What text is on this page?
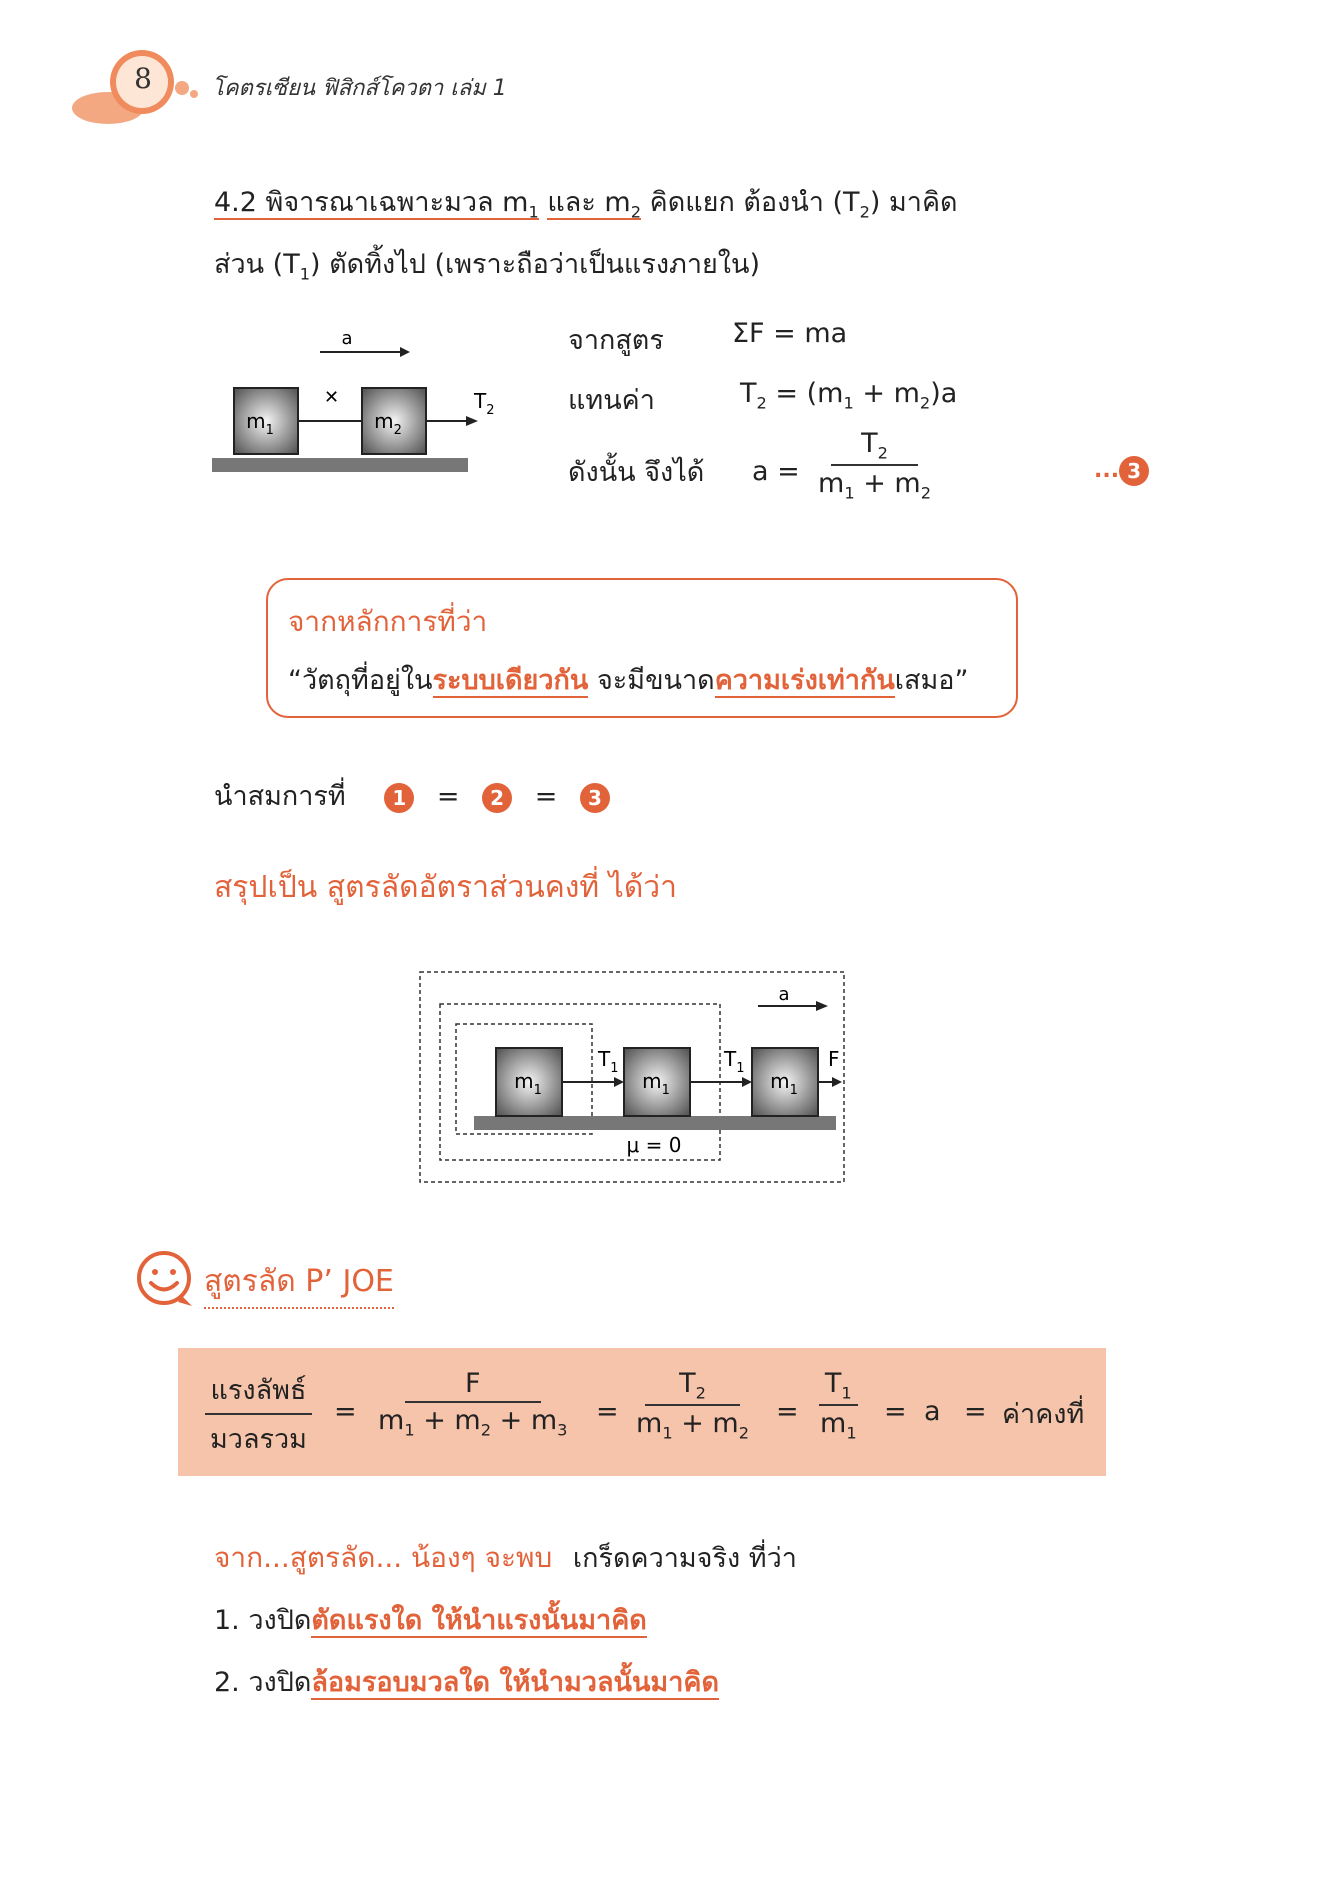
8	โคตรเซียน ฟิสิกส์โควตา เล่ม 1
4.2 พิจารณาเฉพาะมวล $m_1$ และ $m_2$ คิดแยก ต้องนำ $(T_2)$ มาคิด
ส่วน $(T_1)$ ตัดทิ้งไป (เพราะถือว่าเป็นแรงภายใน)
a
$m_1$
✕
$m_2$
$T_2$
จากสูตร	ΣF = ma
แทนค่า	$T_2 = (m_1 + m_2)a$
ดังนั้น จึงได้ $a = \frac{T_2}{m_1 + m_2}$	... 3
จากหลักการที่ว่า
“วัตถุที่อยู่ในระบบเดียวกัน จะมีขนาดความเร่งเท่ากันเสมอ”
นำสมการที่ 1 = 2 = 3
สรุปเป็น สูตรลัดอัตราส่วนคงที่ ได้ว่า
a
$m_1$
$T_1$
$m_1$
$T_1$
$m_1$
F
μ = 0
สูตรลัด P’ JOE
$\frac{\text{แรงลัพธ์}}{\text{มวลรวม}} = \frac{F}{m_1 + m_2 + m_3} = \frac{T_2}{m_1 + m_2} = \frac{T_1}{m_1} = a$ = ค่าคงที่
จาก...สูตรลัด... น้องๆ จะพบ เกร็ดความจริง ที่ว่า
1. วงปิดตัดแรงใด ให้นำแรงนั้นมาคิด
2. วงปิดล้อมรอบมวลใด ให้นำมวลนั้นมาคิด
